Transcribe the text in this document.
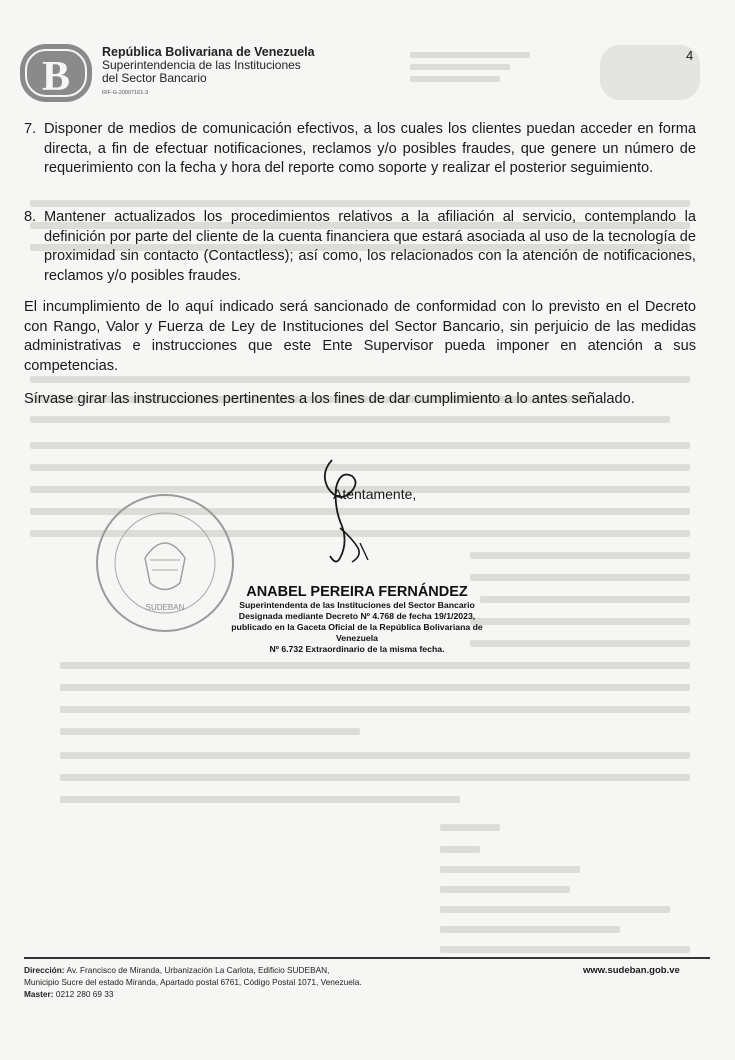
B
República Bolivariana de Venezuela
Superintendencia de las Instituciones
del Sector Bancario
RIF-G-20007161-3
4
7. Disponer de medios de comunicación efectivos, a los cuales los clientes puedan acceder en forma directa, a fin de efectuar notificaciones, reclamos y/o posibles fraudes, que genere un número de requerimiento con la fecha y hora del reporte como soporte y realizar el posterior seguimiento.
8. Mantener actualizados los procedimientos relativos a la afiliación al servicio, contemplando la definición por parte del cliente de la cuenta financiera que estará asociada al uso de la tecnología de proximidad sin contacto (Contactless); así como, los relacionados con la atención de notificaciones, reclamos y/o posibles fraudes.
El incumplimiento de lo aquí indicado será sancionado de conformidad con lo previsto en el Decreto con Rango, Valor y Fuerza de Ley de Instituciones del Sector Bancario, sin perjuicio de las medidas administrativas e instrucciones que este Ente Supervisor pueda imponer en atención a sus competencias.
Sírvase girar las instrucciones pertinentes a los fines de dar cumplimiento a lo antes señalado.
SUDEBAN
Atentamente,
ANABEL PEREIRA FERNÁNDEZ
Superintendenta de las Instituciones del Sector Bancario
Designada mediante Decreto Nº 4.768 de fecha 19/1/2023,
publicado en la Gaceta Oficial de la República Bolivariana de Venezuela
Nº 6.732 Extraordinario de la misma fecha.
Dirección: Av. Francisco de Miranda, Urbanización La Carlota, Edificio SUDEBAN,
Municipio Sucre del estado Miranda, Apartado postal 6761, Código Postal 1071, Venezuela.
Master: 0212 280 69 33
www.sudeban.gob.ve
